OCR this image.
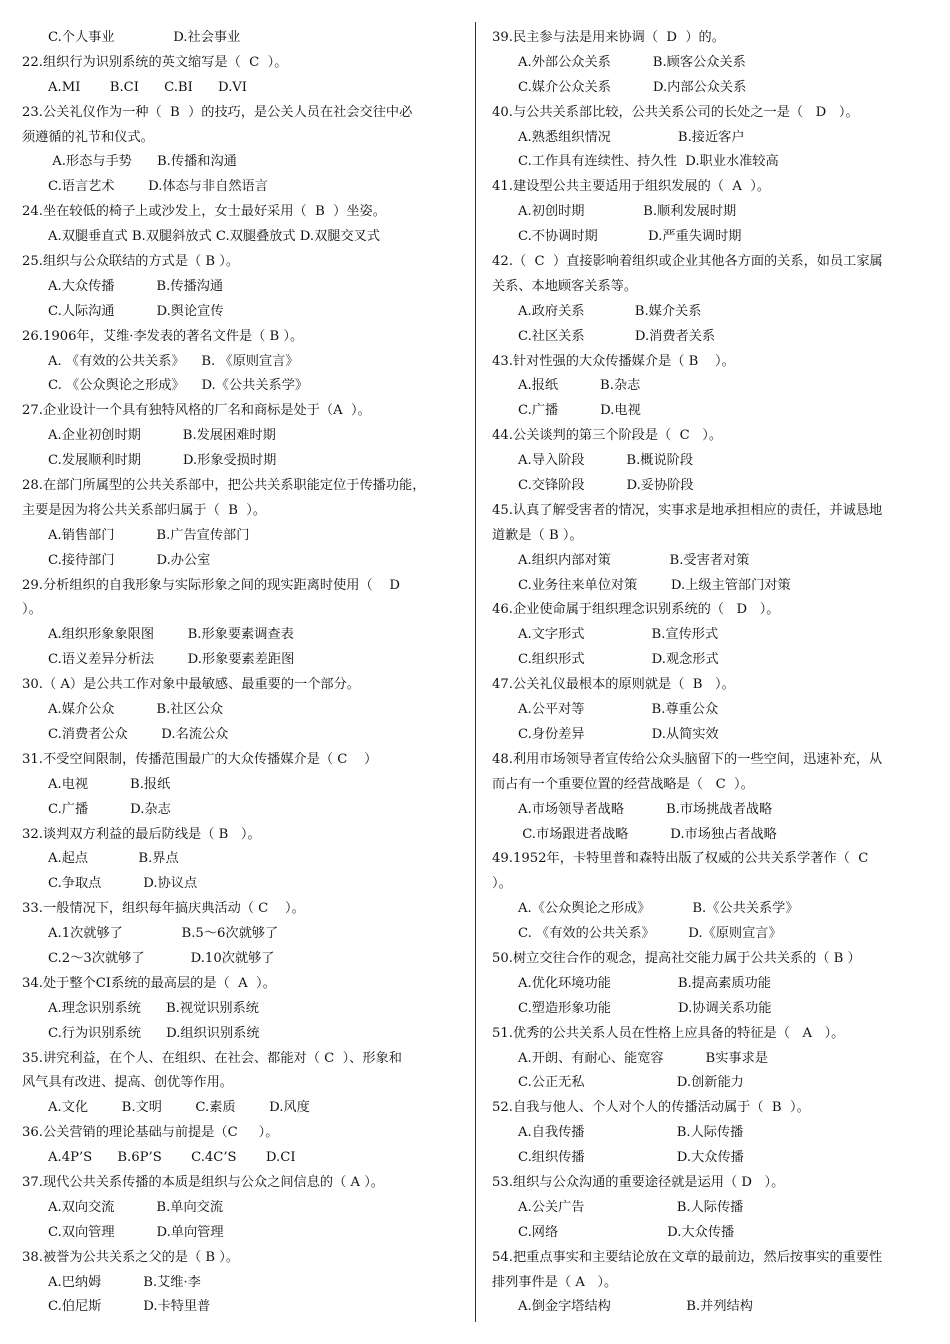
C.个人事业              D.社会事业
22.组织行为识别系统的英文缩写是（  C  ）。
A.MI       B.CI      C.BI      D.VI
23.公关礼仪作为一种（  B  ）的技巧，是公关人员在社会交往中必
须遵循的礼节和仪式。
A.形态与手势      B.传播和沟通
C.语言艺术        D.体态与非自然语言
24.坐在较低的椅子上或沙发上，女士最好采用（  B  ）坐姿。
A.双腿垂直式 B.双腿斜放式 C.双腿叠放式 D.双腿交叉式
25.组织与公众联结的方式是（ B ）。
A.大众传播          B.传播沟通
C.人际沟通          D.舆论宣传
26.1906年，艾维·李发表的著名文件是（ B ）。
A. 《有效的公共关系》    B. 《原则宣言》
C. 《公众舆论之形成》    D.《公共关系学》
27.企业设计一个具有独特风格的厂名和商标是处于（A  ）。
A.企业初创时期          B.发展困难时期
C.发展顺利时期          D.形象受损时期
28.在部门所属型的公共关系部中，把公共关系职能定位于传播功能，
主要是因为将公共关系部归属于（  B  ）。
A.销售部门          B.广告宣传部门
C.接待部门          D.办公室
29.分析组织的自我形象与实际形象之间的现实距离时使用（    D
）。
A.组织形象象限图        B.形象要素调查表
C.语义差异分析法        D.形象要素差距图
30.（ A）是公共工作对象中最敏感、最重要的一个部分。
A.媒介公众          B.社区公众
C.消费者公众        D.名流公众
31.不受空间限制，传播范围最广的大众传播媒介是（ C    ）
A.电视          B.报纸
C.广播          D.杂志
32.谈判双方利益的最后防线是（ B   ）。
A.起点            B.界点
C.争取点          D.协议点
33.一般情况下，组织每年搞庆典活动（ C    ）。
A.1次就够了              B.5～6次就够了
C.2～3次就够了           D.10次就够了
34.处于整个CI系统的最高层的是（  A  ）。
A.理念识别系统      B.视觉识别系统
C.行为识别系统      D.组织识别系统
35.讲究利益，在个人、在组织、在社会、都能对（ C  ）、形象和
风气具有改进、提高、创优等作用。
A.文化        B.文明        C.素质        D.风度
36.公关营销的理论基础与前提是（C     ）。
A.4P’S      B.6P’S       C.4C’S       D.CI
37.现代公共关系传播的本质是组织与公众之间信息的（ A ）。
A.双向交流          B.单向交流
C.双向管理          D.单向管理
38.被誉为公共关系之父的是（ B ）。
A.巴纳姆          B.艾维·李
C.伯尼斯          D.卡特里普
39.民主参与法是用来协调（  D  ）的。
A.外部公众关系          B.顾客公众关系
C.媒介公众关系          D.内部公众关系
40.与公共关系部比较，公共关系公司的长处之一是（   D   ）。
A.熟悉组织情况                B.接近客户
C.工作具有连续性、持久性  D.职业水准较高
41.建设型公共主要适用于组织发展的（  A  ）。
A.初创时期              B.顺利发展时期
C.不协调时期            D.严重失调时期
42.（  C  ）直接影响着组织或企业其他各方面的关系，如员工家属
关系、本地顾客关系等。
A.政府关系            B.媒介关系
C.社区关系            D.消费者关系
43.针对性强的大众传播媒介是（ B    ）。
A.报纸          B.杂志
C.广播          D.电视
44.公关谈判的第三个阶段是（  C   ）。
A.导入阶段          B.概说阶段
C.交锋阶段          D.妥协阶段
45.认真了解受害者的情况，实事求是地承担相应的责任，并诚恳地
道歉是（ B ）。
A.组织内部对策              B.受害者对策
C.业务往来单位对策        D.上级主管部门对策
46.企业使命属于组织理念识别系统的（   D   ）。
A.文字形式                B.宣传形式
C.组织形式                D.观念形式
47.公关礼仪最根本的原则就是（  B   ）。
A.公平对等                B.尊重公众
C.身份差异                D.从简实效
48.利用市场领导者宣传给公众头脑留下的一些空间，迅速补充，从
而占有一个重要位置的经营战略是（   C  ）。
A.市场领导者战略          B.市场挑战者战略
C.市场跟进者战略          D.市场独占者战略
49.1952年，卡特里普和森特出版了权威的公共关系学著作（  C
）。
A.《公众舆论之形成》          B.《公共关系学》
C. 《有效的公共关系》        D.《原则宣言》
50.树立交往合作的观念，提高社交能力属于公共关系的（ B ）
A.优化环境功能                B.提高素质功能
C.塑造形象功能                D.协调关系功能
51.优秀的公共关系人员在性格上应具备的特征是（   A   ）。
A.开朗、有耐心、能宽容          B实事求是
C.公正无私                      D.创新能力
52.自我与他人、个人对个人的传播活动属于（  B  ）。
A.自我传播                      B.人际传播
C.组织传播                      D.大众传播
53.组织与公众沟通的重要途径就是运用（ D   ）。
A.公关广告                      B.人际传播
C.网络                          D.大众传播
54.把重点事实和主要结论放在文章的最前边，然后按事实的重要性
排列事件是（ A   ）。
A.倒金字塔结构                  B.并列结构
